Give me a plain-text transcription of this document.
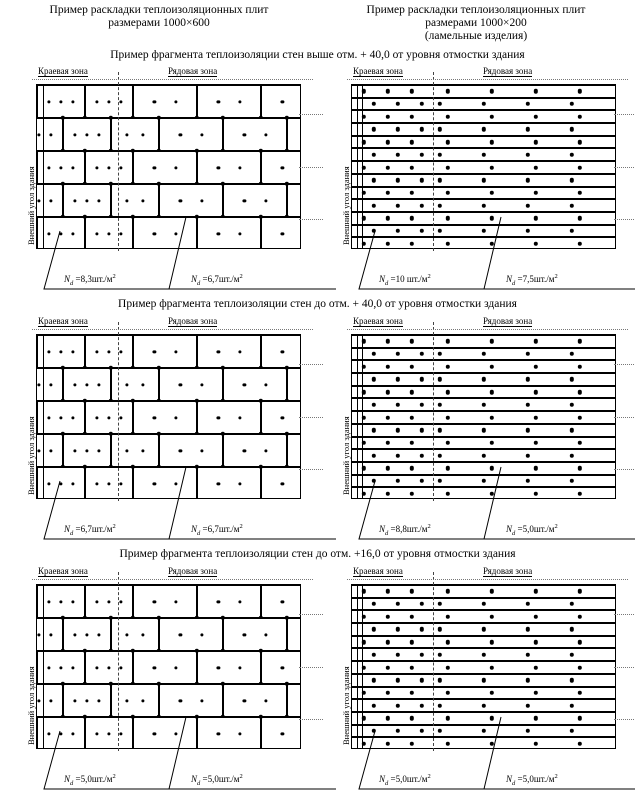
Пример раскладки теплоизоляционных плит
размерами 1000×600
Пример раскладки теплоизоляционных плит
размерами 1000×200
(ламельные изделия)
Пример фрагмента теплоизоляции стен выше отм. + 40,0 от уровня отмостки здания
Пример фрагмента теплоизоляции стен до отм. + 40,0 от уровня отмостки здания
Пример фрагмента теплоизоляции стен до отм. +16,0 от уровня отмостки здания
Краевая зона	Рядовая зона
Внешний угол здания
$N_d =8,3шт./м^2$	$N_d =6,7шт./м^2$
Краевая зона	Рядовая зона
Внешний угол здания
$N_d =10$ $шт./м^2$	$N_d =7,5шт./м^2$
Краевая зона	Рядовая зона
Внешний угол здания
$N_d =6,7шт./м^2$	$N_d =6,7шт./м^2$
Краевая зона	Рядовая зона
Внешний угол здания
$N_d =8,8шт./м^2$	$N_d =5,0шт./м^2$
Краевая зона	Рядовая зона
Внешний угол здания
$N_d =5,0шт./м^2$	$N_d =5,0шт./м^2$
Краевая зона	Рядовая зона
Внешний угол здания
$N_d =5,0шт./м^2$	$N_d =5,0шт./м^2$
